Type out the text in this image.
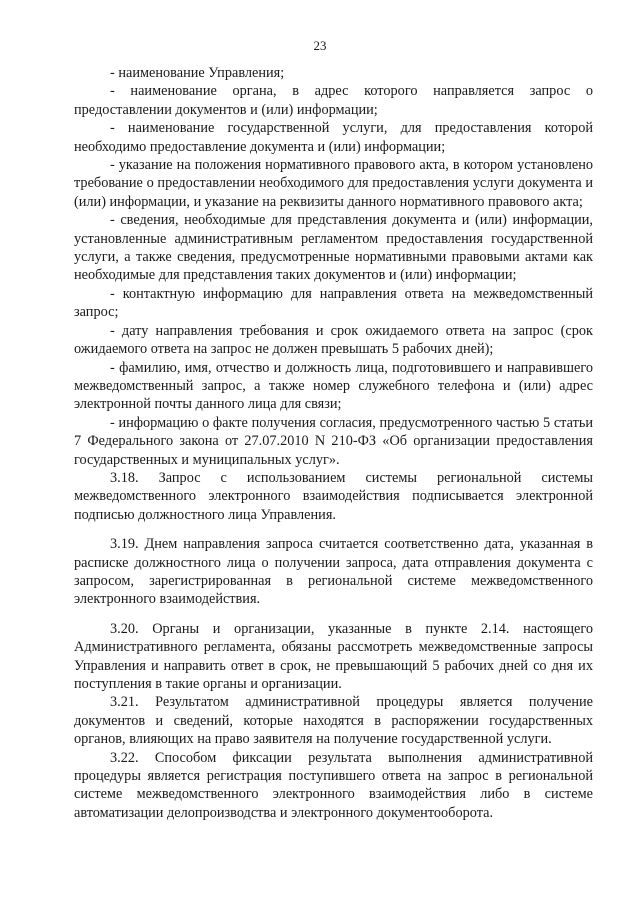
23

- наименование Управления;

- наименование органа, в адрес которого направляется запрос о предоставлении документов и (или) информации;

- наименование государственной услуги, для предоставления которой необходимо предоставление документа и (или) информации;

- указание на положения нормативного правового акта, в котором установлено требование о предоставлении необходимого для предоставления услуги документа и (или) информации, и указание на реквизиты данного нормативного правового акта;

- сведения, необходимые для представления документа и (или) информации, установленные административным регламентом предоставления государственной услуги, а также сведения, предусмотренные нормативными правовыми актами как необходимые для представления таких документов и (или) информации;

- контактную информацию для направления ответа на межведомственный запрос;

- дату направления требования и срок ожидаемого ответа на запрос (срок ожидаемого ответа на запрос не должен превышать 5 рабочих дней);

- фамилию, имя, отчество и должность лица, подготовившего и направившего межведомственный запрос, а также номер служебного телефона и (или) адрес электронной почты данного лица для связи;

- информацию о факте получения согласия, предусмотренного частью 5 статьи 7 Федерального закона от 27.07.2010 N 210-ФЗ «Об организации предоставления государственных и муниципальных услуг».

3.18. Запрос с использованием системы региональной системы межведомственного электронного взаимодействия подписывается электронной подписью должностного лица Управления.

3.19. Днем направления запроса считается соответственно дата, указанная в расписке должностного лица о получении запроса, дата отправления документа с запросом, зарегистрированная в региональной системе межведомственного электронного взаимодействия.

3.20. Органы и организации, указанные в пункте 2.14. настоящего Административного регламента, обязаны рассмотреть межведомственные запросы Управления и направить ответ в срок, не превышающий 5 рабочих дней со дня их поступления в такие органы и организации.

3.21. Результатом административной процедуры является получение документов и сведений, которые находятся в распоряжении государственных органов, влияющих на право заявителя на получение государственной услуги.

3.22. Способом фиксации результата выполнения административной процедуры является регистрация поступившего ответа на запрос в региональной системе межведомственного электронного взаимодействия либо в системе автоматизации делопроизводства и электронного документооборота.
